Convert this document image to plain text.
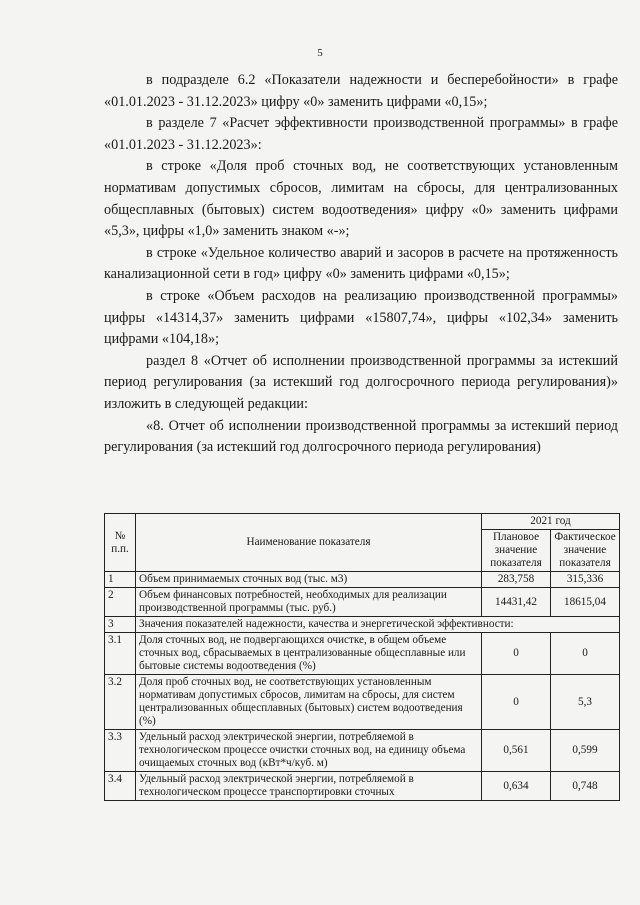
5

в подразделе 6.2 «Показатели надежности и бесперебойности» в графе «01.01.2023 - 31.12.2023» цифру «0» заменить цифрами «0,15»;

в разделе 7 «Расчет эффективности производственной программы» в графе «01.01.2023 - 31.12.2023»:

в строке «Доля проб сточных вод, не соответствующих установленным нормативам допустимых сбросов, лимитам на сбросы, для централизованных общесплавных (бытовых) систем водоотведения» цифру «0» заменить цифрами «5,3», цифры «1,0» заменить знаком «-»;

в строке «Удельное количество аварий и засоров в расчете на протяженность канализационной сети в год» цифру «0» заменить цифрами «0,15»;

в строке «Объем расходов на реализацию производственной программы» цифры «14314,37» заменить цифрами «15807,74», цифры «102,34» заменить цифрами «104,18»;

раздел 8 «Отчет об исполнении производственной программы за истекший период регулирования (за истекший год долгосрочного периода регулирования)» изложить в следующей редакции:

«8. Отчет об исполнении производственной программы за истекший период регулирования (за истекший год долгосрочного периода регулирования)

№ п.п.	Наименование показателя	2021 год	
		Плановое значение показателя	Фактическое значение показателя
1	Объем принимаемых сточных вод (тыс. м3)	283,758	315,336
2	Объем финансовых потребностей, необходимых для реализации производственной программы (тыс. руб.)	14431,42	18615,04
3	Значения показателей надежности, качества и энергетической эффективности:		
3.1	Доля сточных вод, не подвергающихся очистке, в общем объеме сточных вод, сбрасываемых в централизованные общесплавные или бытовые системы водоотведения (%)	0	0
3.2	Доля проб сточных вод, не соответствующих установленным нормативам допустимых сбросов, лимитам на сбросы, для систем централизованных общесплавных (бытовых) систем водоотведения (%)	0	5,3
3.3	Удельный расход электрической энергии, потребляемой в технологическом процессе очистки сточных вод, на единицу объема очищаемых сточных вод (кВт*ч/куб. м)	0,561	0,599
3.4	Удельный расход электрической энергии, потребляемой в технологическом процессе транспортировки сточных	0,634	0,748
